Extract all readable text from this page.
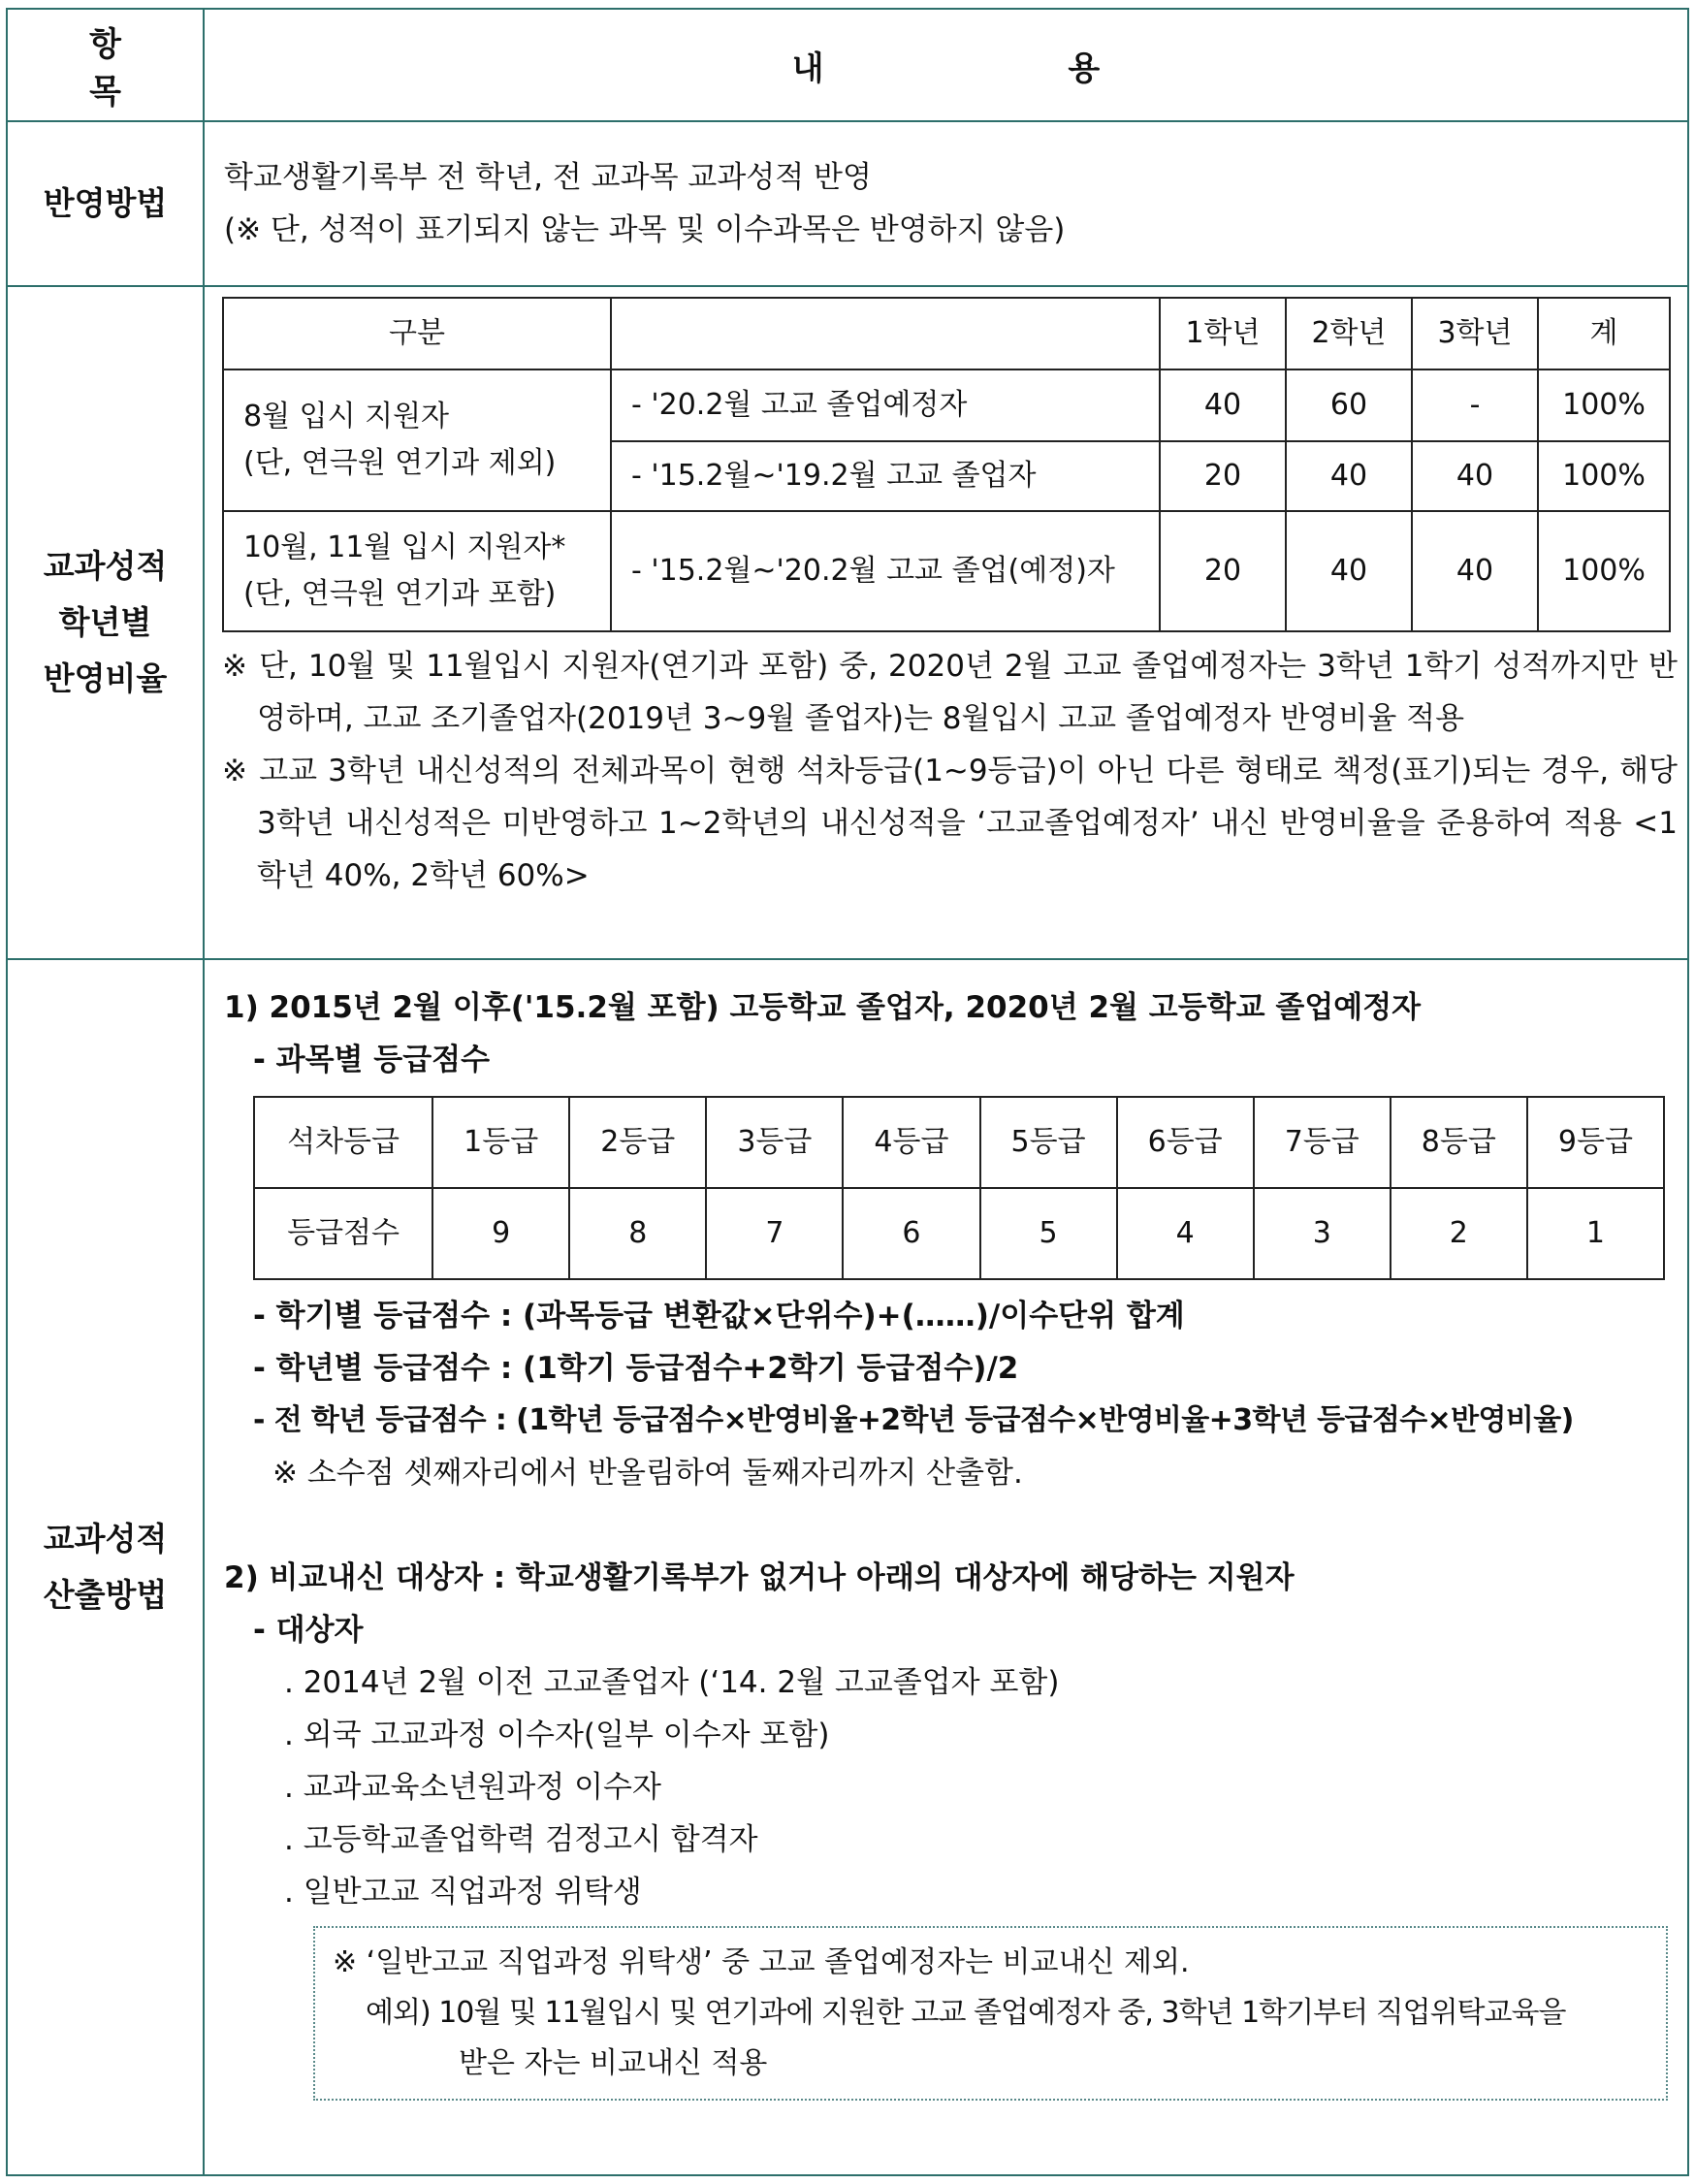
항 목	내 용
반영방법	
학교생활기록부 전 학년, 전 교과목 교과성적 반영
(※ 단, 성적이 표기되지 않는 과목 및 이수과목은 반영하지 않음)

교과성적
학년별
반영비율

구분		1학년	2학년	3학년	계

8월 입시 지원자
(단, 연극원 연기과 제외)
	- '20.2월 고교 졸업예정자	40	60	-	100%
- '15.2월~'19.2월 고교 졸업자	20	40	40	100%

10월, 11월 입시 지원자*
(단, 연극원 연기과 포함)
	- '15.2월~'20.2월 고교 졸업(예정)자	20	40	40	100%
※ 단, 10월 및 11월입시 지원자(연기과 포함) 중, 2020년 2월 고교 졸업예정자는 3학년 1학기 성적까지만 반영하며, 고교 조기졸업자(2019년 3~9월 졸업자)는 8월입시 고교 졸업예정자 반영비율 적용
※ 고교 3학년 내신성적의 전체과목이 현행 석차등급(1~9등급)이 아닌 다른 형태로 책정(표기)되는 경우, 해당 3학년 내신성적은 미반영하고 1~2학년의 내신성적을 ‘고교졸업예정자’ 내신 반영비율을 준용하여 적용 <1학년 40%, 2학년 60%>

교과성적
산출방법

1) 2015년 2월 이후('15.2월 포함) 고등학교 졸업자, 2020년 2월 고등학교 졸업예정자
- 과목별 등급점수
석차등급	1등급	2등급	3등급	4등급	5등급	6등급	7등급	8등급	9등급
등급점수	9	8	7	6	5	4	3	2	1
- 학기별 등급점수 : (과목등급 변환값×단위수)+(……)/이수단위 합계
- 학년별 등급점수 : (1학기 등급점수+2학기 등급점수)/2
- 전 학년 등급점수 : (1학년 등급점수×반영비율+2학년 등급점수×반영비율+3학년 등급점수×반영비율)
※ 소수점 셋째자리에서 반올림하여 둘째자리까지 산출함.
2) 비교내신 대상자 : 학교생활기록부가 없거나 아래의 대상자에 해당하는 지원자
- 대상자
. 2014년 2월 이전 고교졸업자 (‘14. 2월 고교졸업자 포함)
. 외국 고교과정 이수자(일부 이수자 포함)
. 교과교육소년원과정 이수자
. 고등학교졸업학력 검정고시 합격자
. 일반고교 직업과정 위탁생
※ ‘일반고교 직업과정 위탁생’ 중 고교 졸업예정자는 비교내신 제외.
예외) 10월 및 11월입시 및 연기과에 지원한 고교 졸업예정자 중, 3학년 1학기부터 직업위탁교육을
받은 자는 비교내신 적용
